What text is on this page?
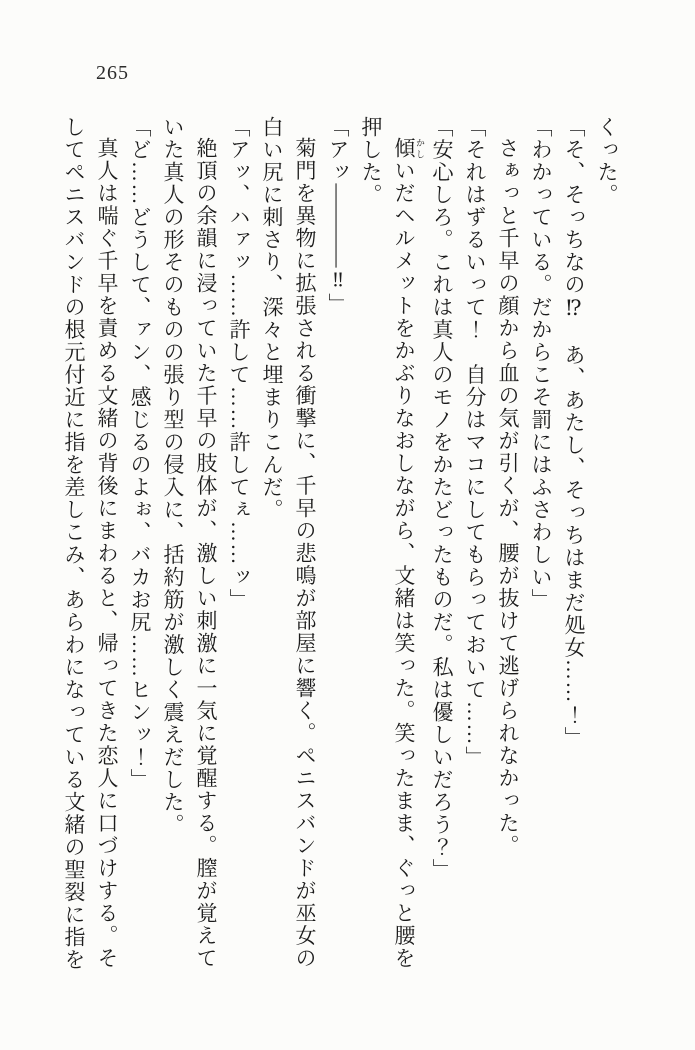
265

くった。

「そ、そっちなの⁉　あ、あたし、そっちはまだ処女……！」

「わかっている。だからこそ罰にはふさわしい」

さぁっと千早の顔から血の気が引くが、腰が抜けて逃げられなかった。

「それはずるいって！　自分はマコにしてもらっておいて……」

「安心しろ。これは真人のモノをかたどったものだ。私は優しいだろう？」

傾 かしいだヘルメットをかぶりなおしながら、文緒は笑った。笑ったまま、ぐっと腰を押した。

「アッ――――‼」

菊門を異物に拡張される衝撃に、千早の悲鳴が部屋に響く。ペニスバンドが巫女の白い尻に刺さり、深々と埋まりこんだ。

「アッ、ハァッ……許して……許してぇ……ッ」

絶頂の余韻に浸っていた千早の肢体が、激しい刺激に一気に覚醒する。膣が覚えていた真人の形そのものの張り型の侵入に、括約筋が激しく震えだした。

「ど……どうして、ァン、感じるのよぉ、バカお尻……ヒンッ！」

真人は喘ぐ千早を責める文緒の背後にまわると、帰ってきた恋人に口づけする。そしてペニスバンドの根元付近に指を差しこみ、あらわになっている文緒の聖裂に指を
